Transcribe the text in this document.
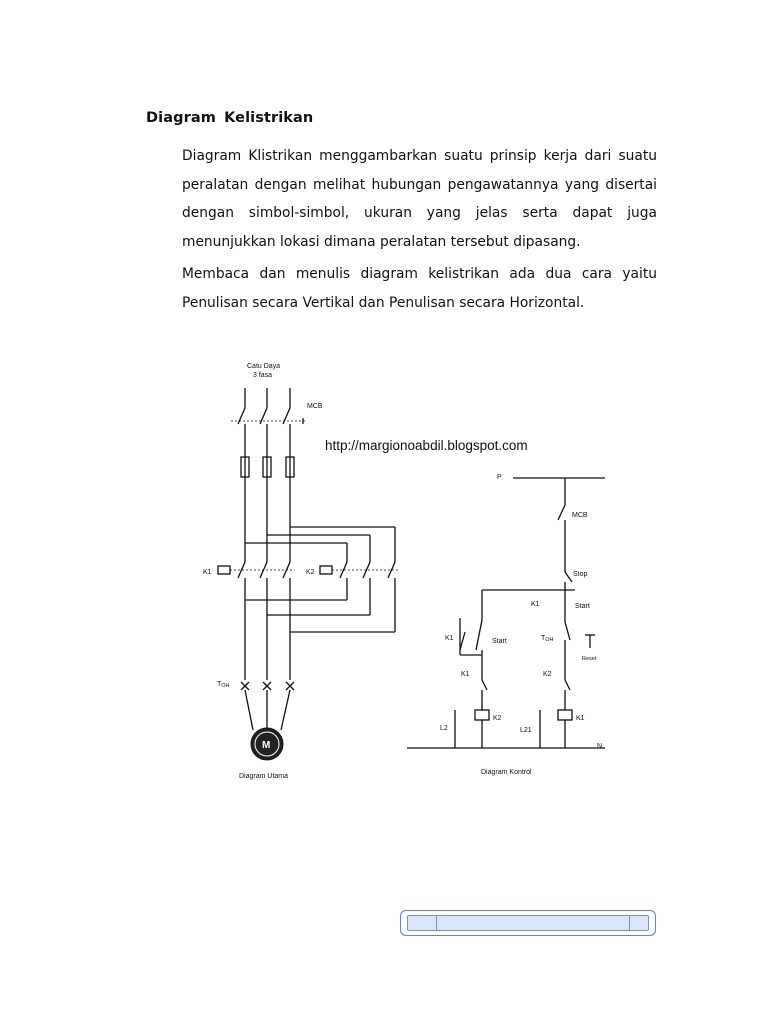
Diagram Kelistrikan

Diagram Klistrikan menggambarkan suatu prinsip kerja dari suatu peralatan dengan melihat hubungan pengawatannya yang disertai dengan simbol-simbol, ukuran yang jelas serta dapat juga menunjukkan lokasi dimana peralatan tersebut dipasang.

Membaca dan menulis diagram kelistrikan ada dua cara yaitu Penulisan secara Vertikal dan Penulisan secara Horizontal.

Catu Daya
3 fasa
MCB
http://margionoabdil.blogspot.com
K1	K2
TOH
M
Diagram Utama
P
MCB
Stop
K1	Start
K1	Start	TOH
Reset
K1	K2
L2	L21
K2	K1
N
Diagram Kontrol
